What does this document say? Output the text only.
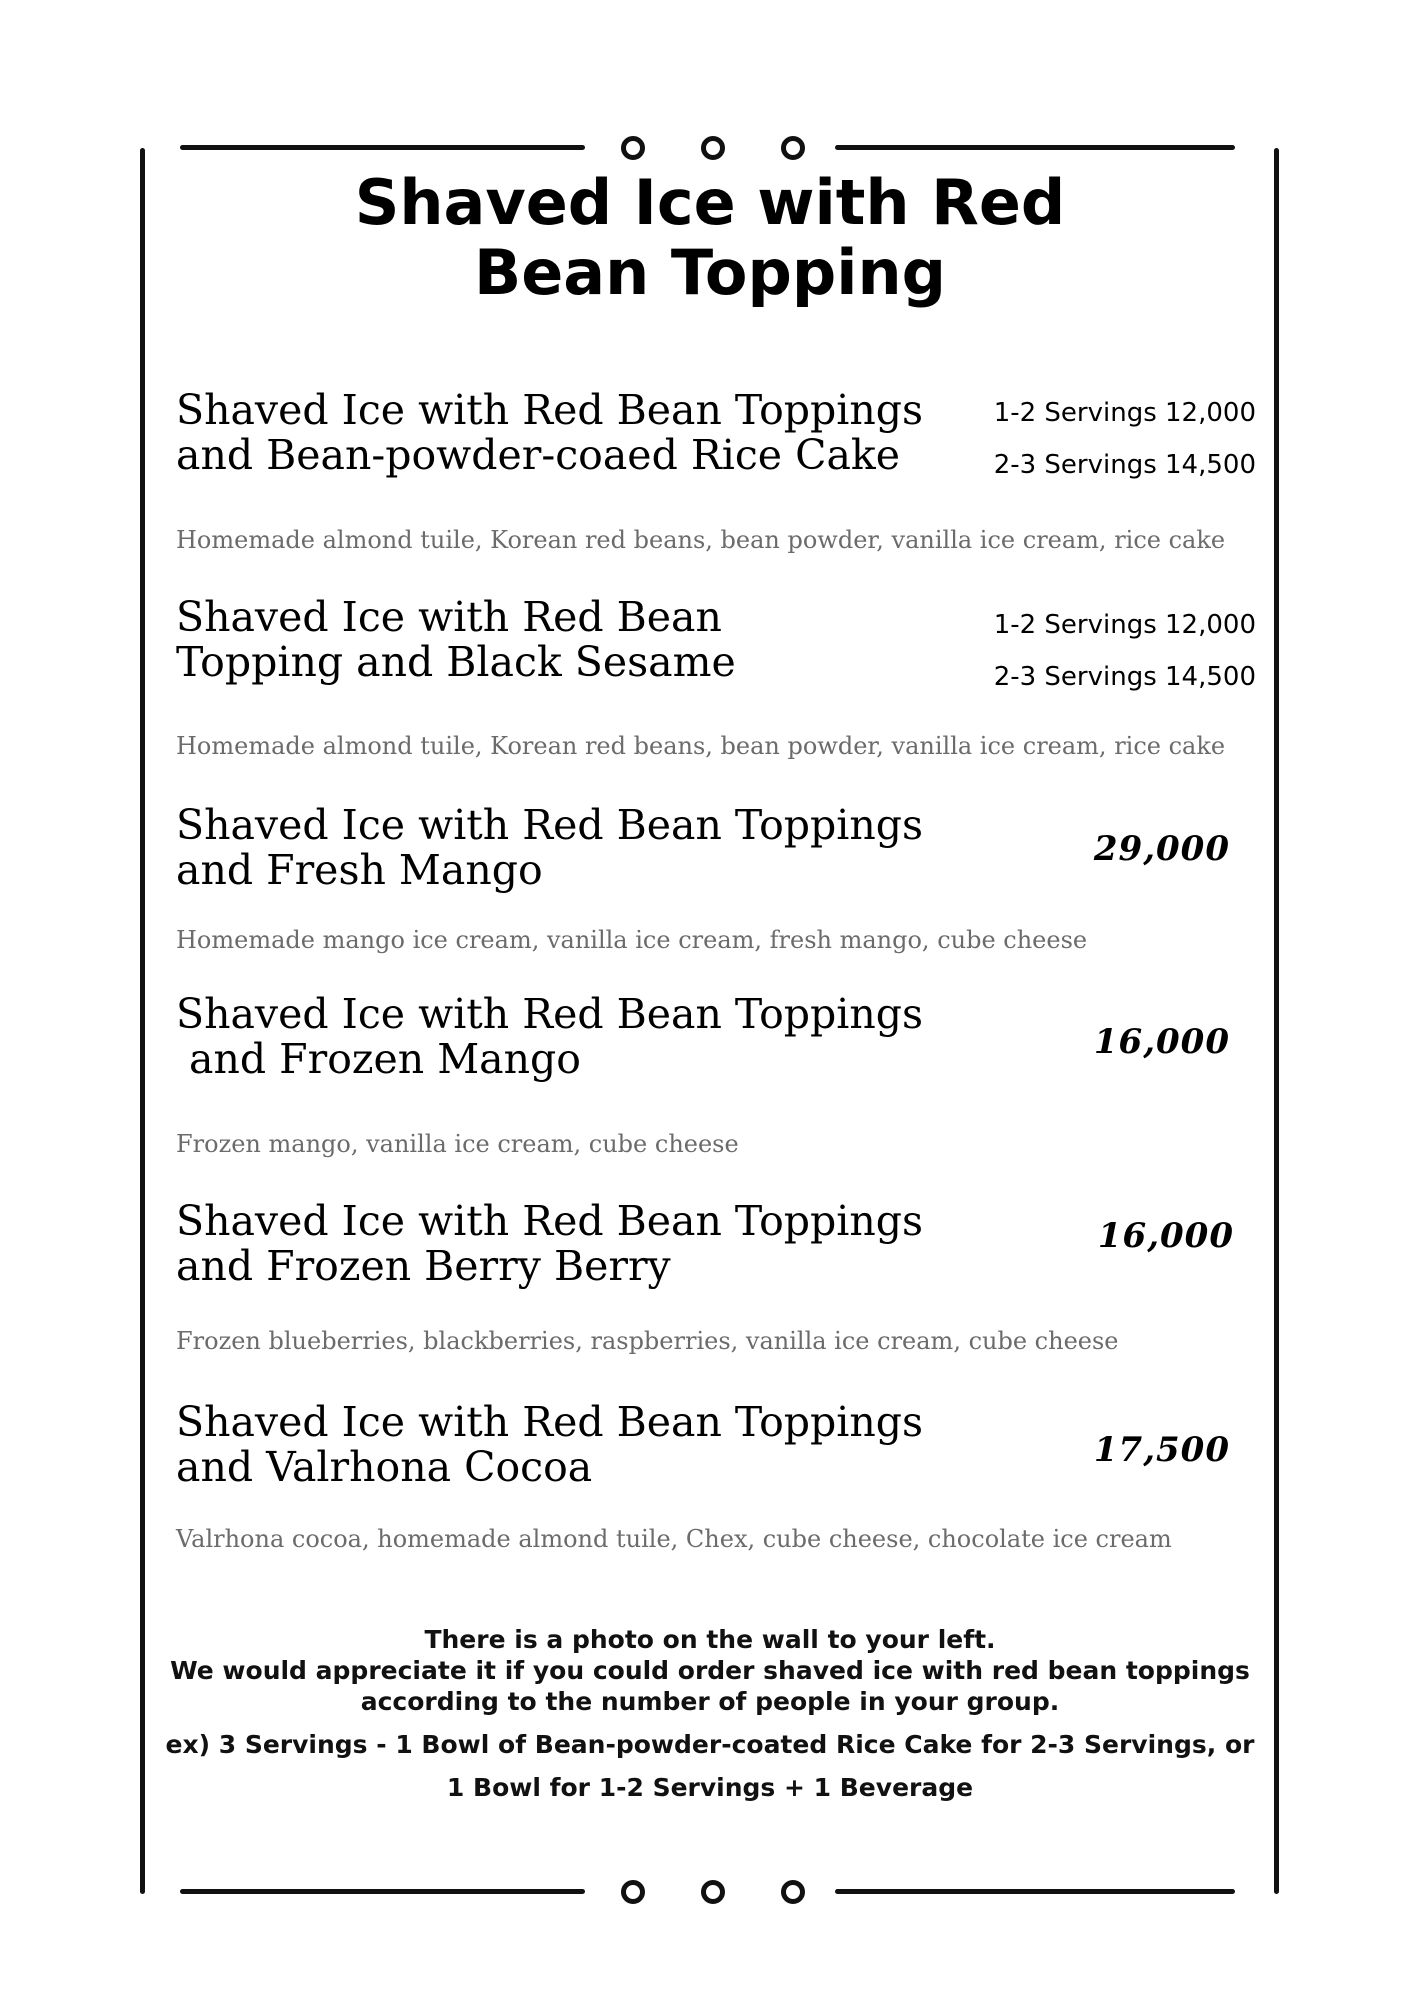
Shaved Ice with Red
Bean Topping
Shaved Ice with Red Bean Toppings
and Bean-powder-coaed Rice Cake
1-2 Servings 12,000
2-3 Servings 14,500

Homemade almond tuile, Korean red beans, bean powder, vanilla ice cream, rice cake

Shaved Ice with Red Bean
Topping and Black Sesame
1-2 Servings 12,000
2-3 Servings 14,500

Homemade almond tuile, Korean red beans, bean powder, vanilla ice cream, rice cake

Shaved Ice with Red Bean Toppings
and Fresh Mango	29,000

Homemade mango ice cream, vanilla ice cream, fresh mango, cube cheese

Shaved Ice with Red Bean Toppings
and Frozen Mango	16,000

Frozen mango, vanilla ice cream, cube cheese

Shaved Ice with Red Bean Toppings
and Frozen Berry Berry
16,000

Frozen blueberries, blackberries, raspberries, vanilla ice cream, cube cheese

Shaved Ice with Red Bean Toppings
and Valrhona Cocoa	17,500

Valrhona cocoa, homemade almond tuile, Chex, cube cheese, chocolate ice cream

There is a photo on the wall to your left.

We would appreciate it if you could order shaved ice with red bean toppings

according to the number of people in your group.

ex) 3 Servings - 1 Bowl of Bean-powder-coated Rice Cake for 2-3 Servings, or

1 Bowl for 1-2 Servings + 1 Beverage
